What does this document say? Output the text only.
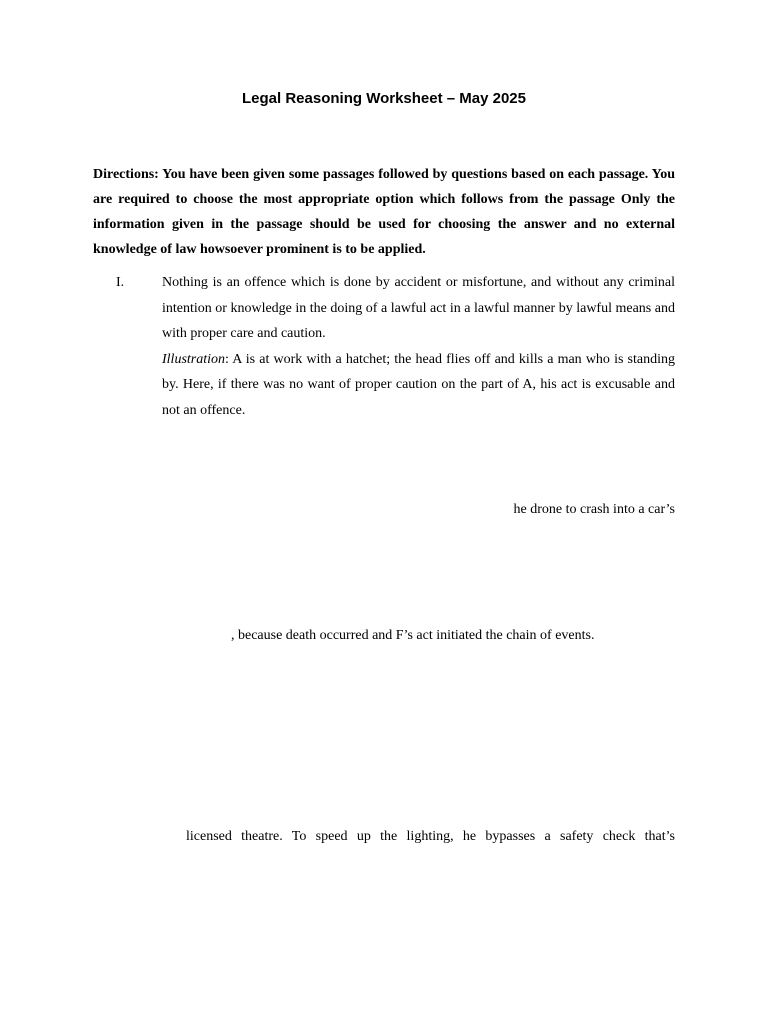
Legal Reasoning Worksheet – May 2025
Directions: You have been given some passages followed by questions based on each passage. You are required to choose the most appropriate option which follows from the passage Only the information given in the passage should be used for choosing the answer and no external knowledge of law howsoever prominent is to be applied.
I.	Nothing is an offence which is done by accident or misfortune, and without any criminal intention or knowledge in the doing of a lawful act in a lawful manner by lawful means and with proper care and caution.

Illustration: A is at work with a hatchet; the head flies off and kills a man who is standing by. Here, if there was no want of proper caution on the part of A, his act is excusable and not an offence.

he drone to crash into a car’s
, because death occurred and F’s act initiated the chain of events.
licensed theatre. To speed up the lighting, he bypasses a safety check that’s
